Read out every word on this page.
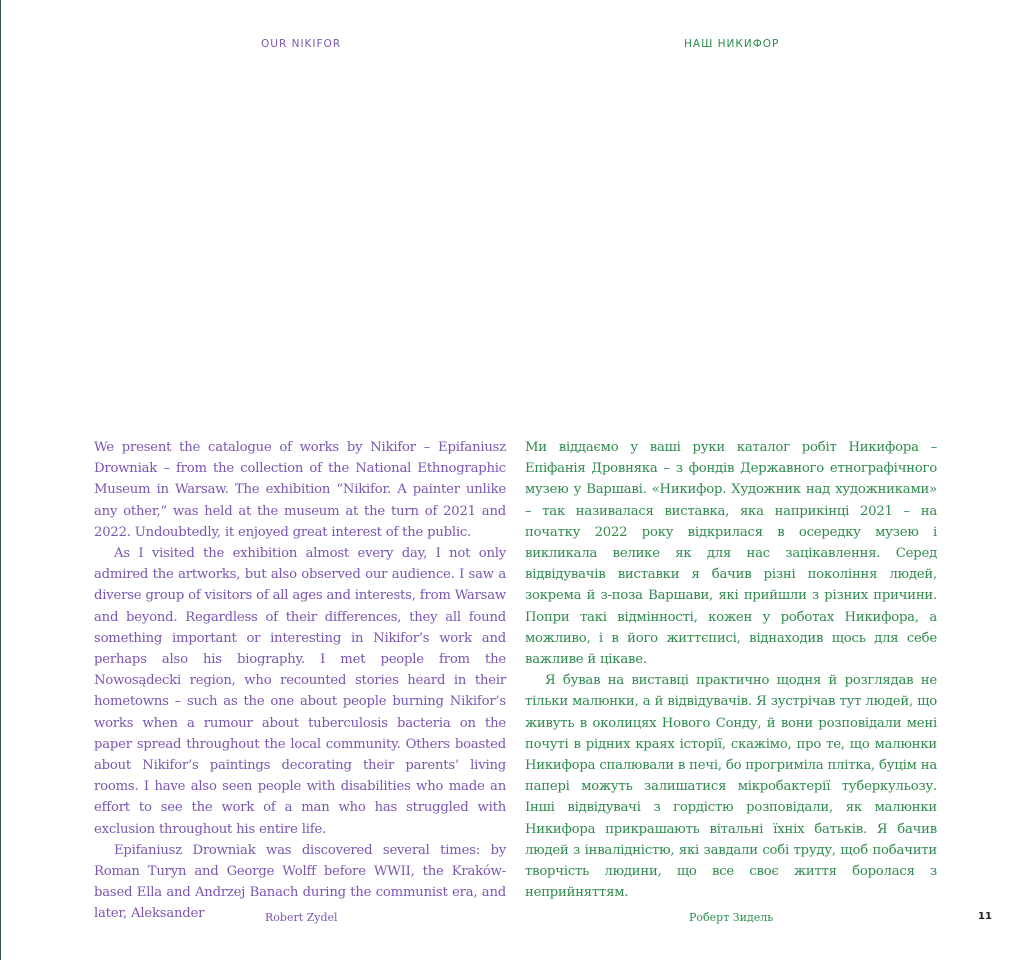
OUR NIKIFOR	НАШ НИКИФОР

We present the catalogue of works by Nikifor – Epifaniusz Drowniak – from the collection of the National Ethnographic Museum in Warsaw. The exhibition “Nikifor. A painter unlike any other,” was held at the museum at the turn of 2021 and 2022. Undoubtedly, it enjoyed great interest of the public.

As I visited the exhibition almost every day, I not only admired the artworks, but also observed our audience. I saw a diverse group of visitors of all ages and interests, from Warsaw and beyond. Regardless of their differences, they all found something important or interesting in Nikifor’s work and perhaps also his biography. I met people from the Nowosądecki region, who recounted stories heard in their hometowns – such as the one about people burning Nikifor’s works when a rumour about tuberculosis bacteria on the paper spread throughout the local community. Others boasted about Nikifor’s paintings decorating their parents’ living rooms. I have also seen people with disabilities who made an effort to see the work of a man who has struggled with exclusion throughout his entire life.

Epifaniusz Drowniak was discovered several times: by Roman Turyn and George Wolff before WWII, the Kraków-based Ella and Andrzej Banach during the communist era, and later, Aleksander

Ми віддаємо у ваші руки каталог робіт Никифора – Епіфанія Дровняка – з фондів Державного етнографічного музею у Варшаві. «Никифор. Художник над художниками» – так називалася виставка, яка наприкінці 2021 – на початку 2022 року відкрилася в осередку музею і викликала велике як для нас зацікавлення. Серед відвідувачів виставки я бачив різні покоління людей, зокрема й з-поза Варшави, які прийшли з різних причини. Попри такі відмінності, кожен у роботах Никифора, а можливо, і в його життєписі, віднаходив щось для себе важливе й цікаве.

Я бував на виставці практично щодня й розглядав не тільки малюнки, а й відвідувачів. Я зустрічав тут людей, що живуть в околицях Нового Сонду, й вони розповідали мені почуті в рідних краях історії, скажімо, про те, що малюнки Никифора спалювали в печі, бо прогриміла плітка, буцім на папері можуть залишатися мікробактерії туберкульозу. Інші відвідувачі з гордістю розповідали, як малюнки Никифора прикрашають вітальні їхніх батьків. Я бачив людей з інвалідністю, які завдали собі труду, щоб побачити творчість людини, що все своє життя боролася з неприйняттям.

Robert Zydel	Роберт Зидель	11
